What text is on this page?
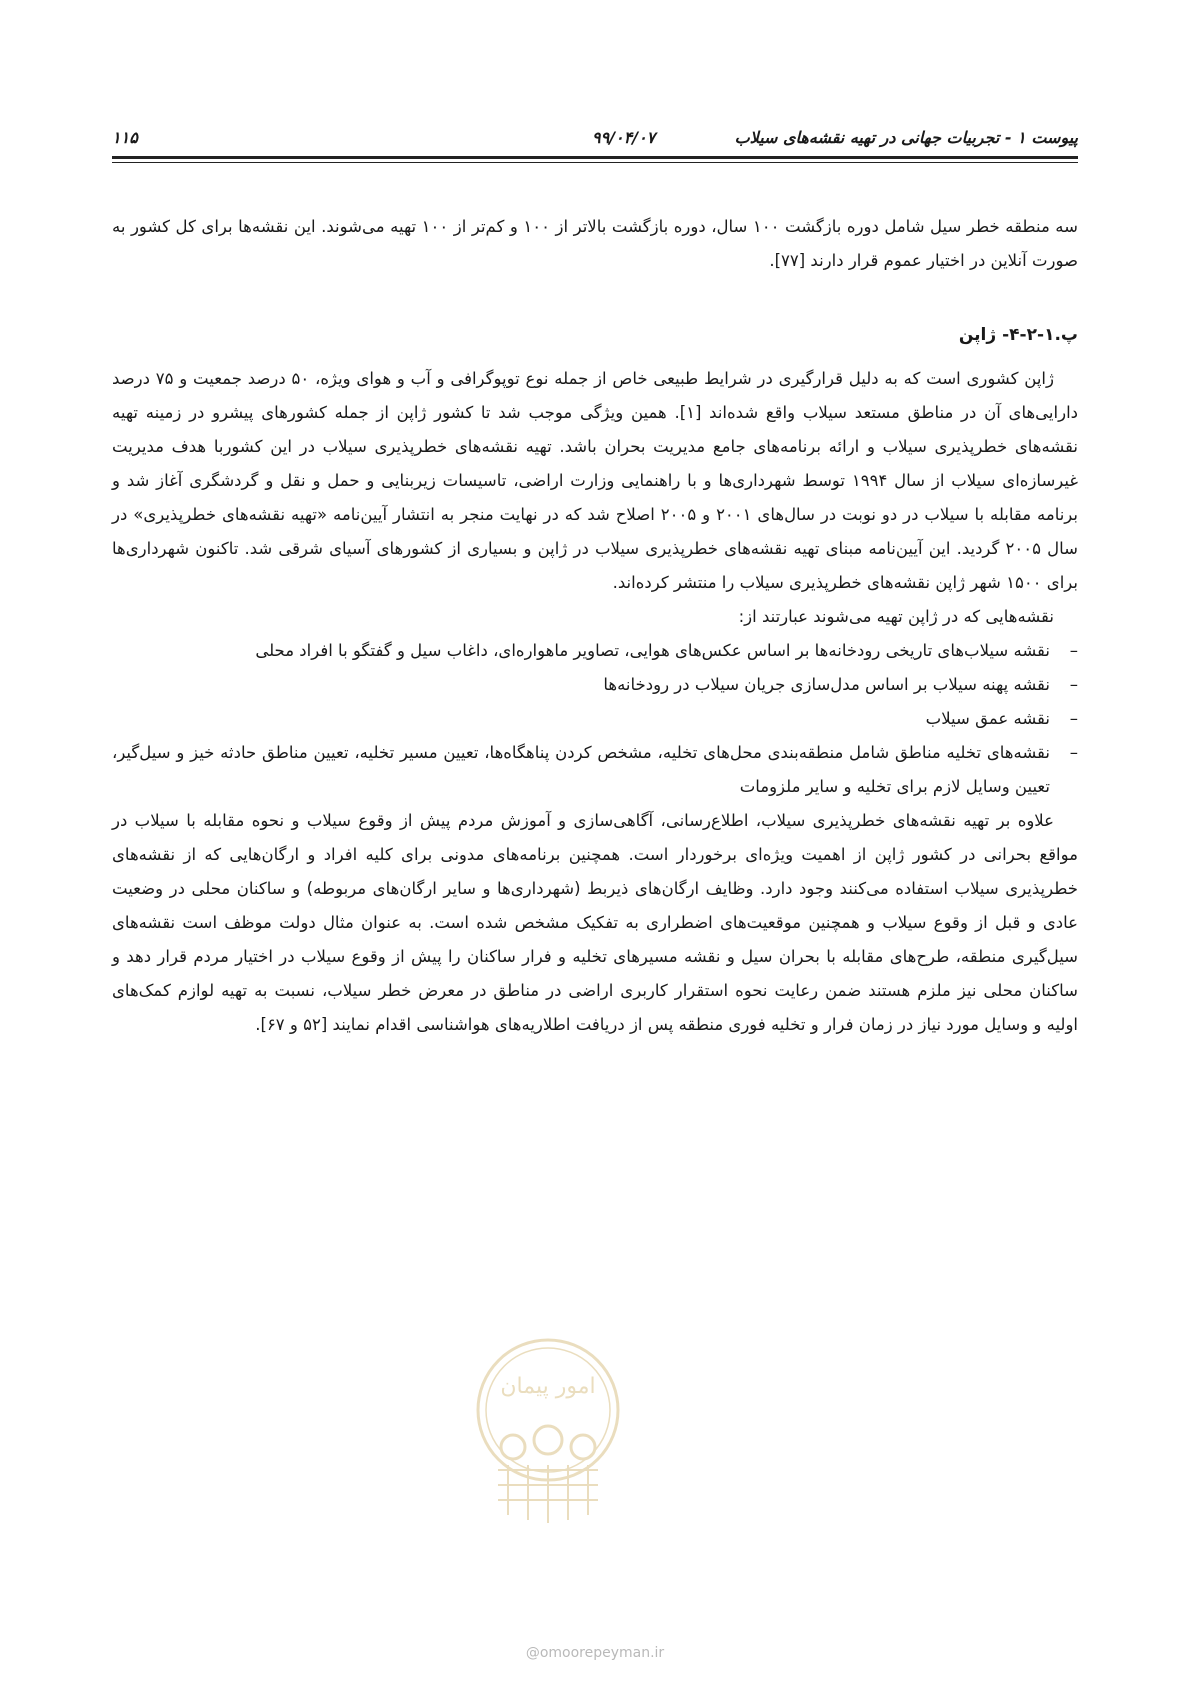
پیوست ۱ - تجربیات جهانی در تهیه نقشه‌های سیلاب
۹۹/۰۴/۰۷
۱۱۵

سه منطقه خطر سیل شامل دوره بازگشت ۱۰۰ سال، دوره بازگشت بالاتر از ۱۰۰ و کم‌تر از ۱۰۰ تهیه می‌شوند. این نقشه‌ها برای کل کشور به صورت آنلاین در اختیار عموم قرار دارند [۷۷].

پ.۱-۲-۴- ژاپن

ژاپن کشوری است که به دلیل قرارگیری در شرایط طبیعی خاص از جمله نوع توپوگرافی و آب و هوای ویژه، ۵۰ درصد جمعیت و ۷۵ درصد دارایی‌های آن در مناطق مستعد سیلاب واقع شده‌اند [۱]. همین ویژگی موجب شد تا کشور ژاپن از جمله کشورهای پیشرو در زمینه تهیه نقشه‌های خطرپذیری سیلاب و ارائه برنامه‌های جامع مدیریت بحران باشد. تهیه نقشه‌های خطرپذیری سیلاب در این کشوربا هدف مدیریت غیرسازه‌ای سیلاب از سال ۱۹۹۴ توسط شهرداری‌ها و با راهنمایی وزارت اراضی، تاسیسات زیربنایی و حمل و نقل و گردشگری آغاز شد و برنامه مقابله با سیلاب در دو نوبت در سال‌های ۲۰۰۱ و ۲۰۰۵ اصلاح شد که در نهایت منجر به انتشار آیین‌نامه «تهیه نقشه‌های خطرپذیری» در سال ۲۰۰۵ گردید. این آیین‌نامه مبنای تهیه نقشه‌های خطرپذیری سیلاب در ژاپن و بسیاری از کشورهای آسیای شرقی شد. تاکنون شهرداری‌ها برای ۱۵۰۰ شهر ژاپن نقشه‌های خطرپذیری سیلاب را منتشر کرده‌اند.

نقشه‌هایی که در ژاپن تهیه می‌شوند عبارتند از:

– نقشه سیلاب‌های تاریخی رودخانه‌ها بر اساس عکس‌های هوایی، تصاویر ماهواره‌ای، داغاب سیل و گفتگو با افراد محلی
– نقشه پهنه سیلاب بر اساس مدل‌سازی جریان سیلاب در رودخانه‌ها
– نقشه عمق سیلاب
– نقشه‌های تخلیه مناطق شامل منطقه‌بندی محل‌های تخلیه، مشخص کردن پناهگاه‌ها، تعیین مسیر تخلیه، تعیین مناطق حادثه خیز و سیل‌گیر، تعیین وسایل لازم برای تخلیه و سایر ملزومات

علاوه بر تهیه نقشه‌های خطرپذیری سیلاب، اطلاع‌رسانی، آگاهی‌سازی و آموزش مردم پیش از وقوع سیلاب و نحوه مقابله با سیلاب در مواقع بحرانی در کشور ژاپن از اهمیت ویژه‌ای برخوردار است. همچنین برنامه‌های مدونی برای کلیه افراد و ارگان‌هایی که از نقشه‌های خطرپذیری سیلاب استفاده می‌کنند وجود دارد. وظایف ارگان‌های ذیربط (شهرداری‌ها و سایر ارگان‌های مربوطه) و ساکنان محلی در وضعیت عادی و قبل از وقوع سیلاب و همچنین موقعیت‌های اضطراری به تفکیک مشخص شده است. به عنوان مثال دولت موظف است نقشه‌های سیل‌گیری منطقه، طرح‌های مقابله با بحران سیل و نقشه مسیرهای تخلیه و فرار ساکنان را پیش از وقوع سیلاب در اختیار مردم قرار دهد و ساکنان محلی نیز ملزم هستند ضمن رعایت نحوه استقرار کاربری اراضی در مناطق در معرض خطر سیلاب، نسبت به تهیه لوازم کمک‌های اولیه و وسایل مورد نیاز در زمان فرار و تخلیه فوری منطقه پس از دریافت اطلاریه‌های هواشناسی اقدام نمایند [۵۲ و ۶۷].

امور پیمان
@omoorepeyman.ir
